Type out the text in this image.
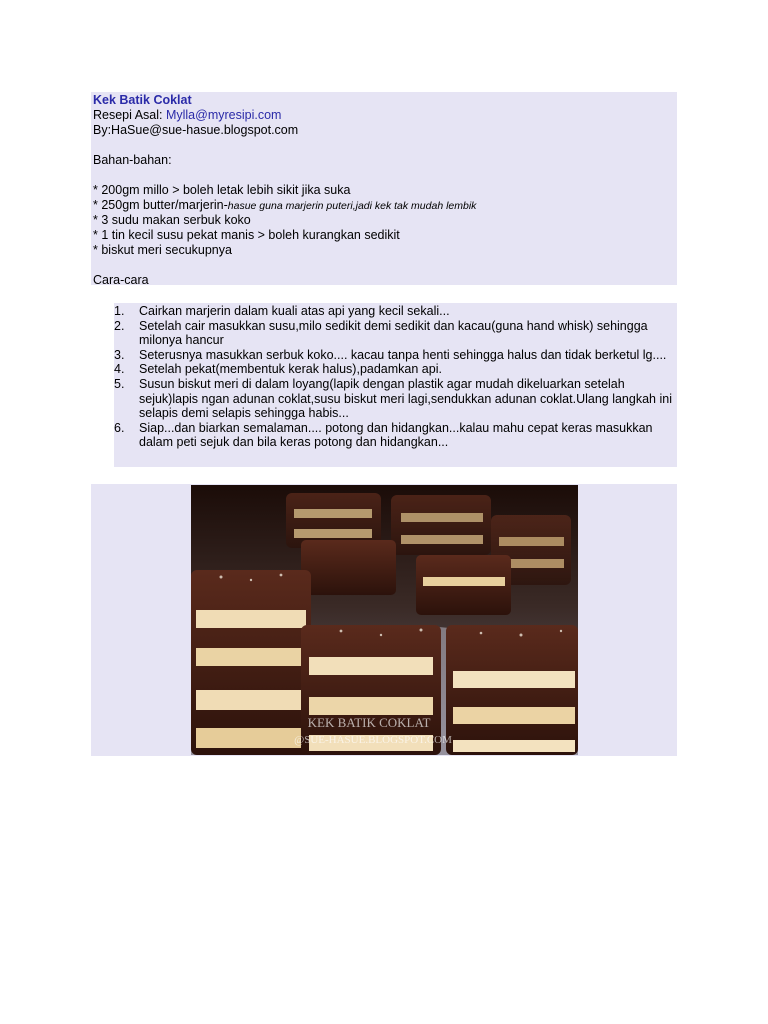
Kek Batik Coklat
Resepi Asal: Mylla@myresipi.com
By:HaSue@sue-hasue.blogspot.com
Bahan-bahan:
* 200gm millo > boleh letak lebih sikit jika suka
* 250gm butter/marjerin-hasue guna marjerin puteri,jadi kek tak mudah lembik
* 3 sudu makan serbuk koko
* 1 tin kecil susu pekat manis > boleh kurangkan sedikit
* biskut meri secukupnya
Cara-cara
1.	Cairkan marjerin dalam kuali atas api yang kecil sekali...
2.	Setelah cair masukkan susu,milo sedikit demi sedikit dan kacau(guna hand whisk) sehingga milonya hancur
3.	Seterusnya masukkan serbuk koko.... kacau tanpa henti sehingga halus dan tidak berketul lg....
4.	Setelah pekat(membentuk kerak halus),padamkan api.
5.	Susun biskut meri di dalam loyang(lapik dengan plastik agar mudah dikeluarkan setelah sejuk)lapis ngan adunan coklat,susu biskut meri lagi,sendukkan adunan coklat.Ulang langkah ini selapis demi selapis sehingga habis...
6.	Siap...dan biarkan semalaman.... potong dan hidangkan...kalau mahu cepat keras masukkan dalam peti sejuk dan bila keras potong dan hidangkan...
KEK BATIK COKLAT
@SUE-HASUE.BLOGSPOT.COM
